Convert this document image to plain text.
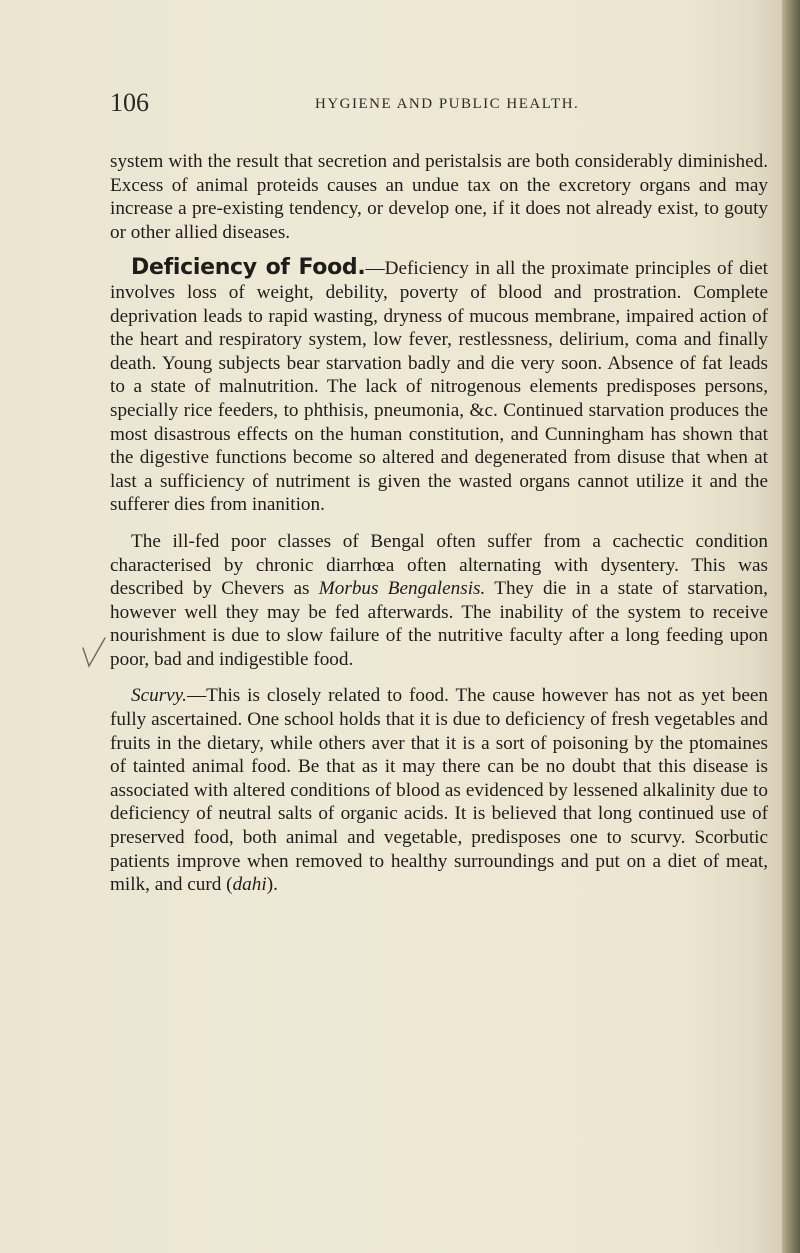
106	HYGIENE AND PUBLIC HEALTH.

system with the result that secretion and peristalsis are both considerably diminished. Excess of animal proteids causes an undue tax on the excretory organs and may increase a pre-existing tendency, or develop one, if it does not already exist, to gouty or other allied diseases.

Deficiency of Food.—Deficiency in all the proximate principles of diet involves loss of weight, debility, poverty of blood and prostration. Complete deprivation leads to rapid wasting, dryness of mucous membrane, impaired action of the heart and respiratory system, low fever, restlessness, delirium, coma and finally death. Young subjects bear starvation badly and die very soon. Absence of fat leads to a state of malnutrition. The lack of nitrogenous elements predisposes persons, specially rice feeders, to phthisis, pneumonia, &c. Continued starvation produces the most disastrous effects on the human constitution, and Cunningham has shown that the digestive functions become so altered and degenerated from disuse that when at last a sufficiency of nutriment is given the wasted organs cannot utilize it and the sufferer dies from inanition.

The ill-fed poor classes of Bengal often suffer from a cachectic condition characterised by chronic diarrhœa often alternating with dysentery. This was described by Chevers as Morbus Bengalensis. They die in a state of starvation, however well they may be fed afterwards. The inability of the system to receive nourishment is due to slow failure of the nutritive faculty after a long feeding upon poor, bad and indigestible food.

Scurvy.—This is closely related to food. The cause however has not as yet been fully ascertained. One school holds that it is due to deficiency of fresh vegetables and fruits in the dietary, while others aver that it is a sort of poisoning by the ptomaines of tainted animal food. Be that as it may there can be no doubt that this disease is associated with altered conditions of blood as evidenced by lessened alkalinity due to deficiency of neutral salts of organic acids. It is believed that long continued use of preserved food, both animal and vegetable, predisposes one to scurvy. Scorbutic patients improve when removed to healthy surroundings and put on a diet of meat, milk, and curd (dahi).
